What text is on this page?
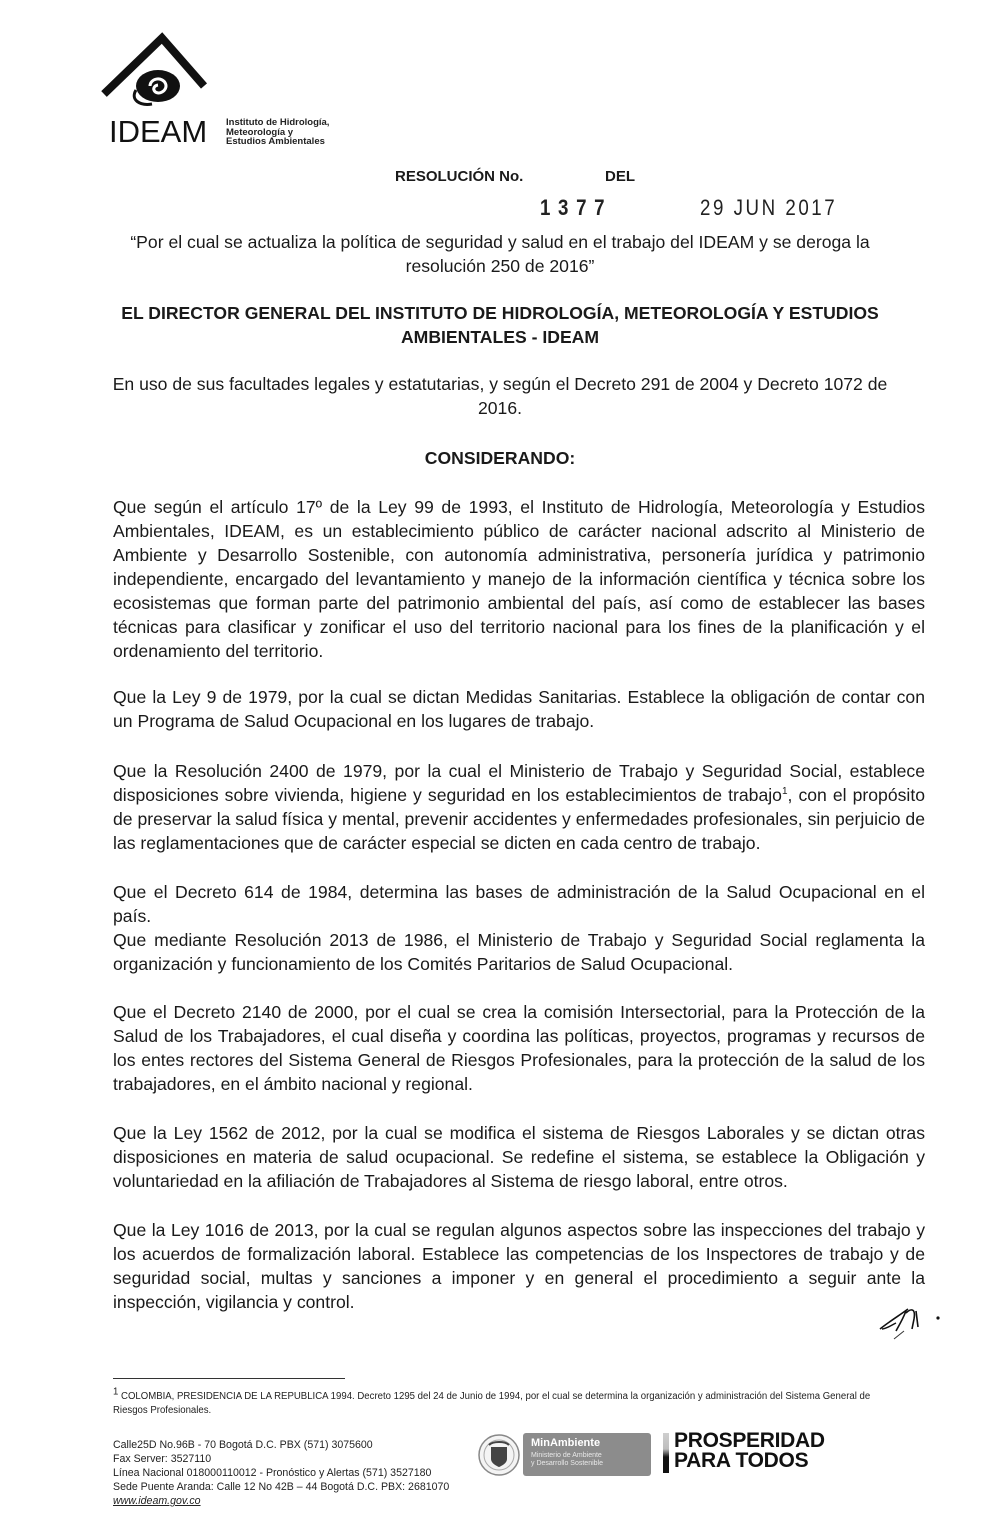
IDEAM Instituto de Hidrología,
Meteorología y
Estudios Ambientales
RESOLUCIÓN No.	DEL
1377	29 JUN 2017
“Por el cual se actualiza la política de seguridad y salud en el trabajo del IDEAM y se deroga la resolución 250 de 2016”
EL DIRECTOR GENERAL DEL INSTITUTO DE HIDROLOGÍA, METEOROLOGÍA Y ESTUDIOS AMBIENTALES - IDEAM
En uso de sus facultades legales y estatutarias, y según el Decreto 291 de 2004 y Decreto 1072 de 2016.
CONSIDERANDO:
Que según el artículo 17º de la Ley 99 de 1993, el Instituto de Hidrología, Meteorología y Estudios Ambientales, IDEAM, es un establecimiento público de carácter nacional adscrito al Ministerio de Ambiente y Desarrollo Sostenible, con autonomía administrativa, personería jurídica y patrimonio independiente, encargado del levantamiento y manejo de la información científica y técnica sobre los ecosistemas que forman parte del patrimonio ambiental del país, así como de establecer las bases técnicas para clasificar y zonificar el uso del territorio nacional para los fines de la planificación y el ordenamiento del territorio.
Que la Ley 9 de 1979, por la cual se dictan Medidas Sanitarias. Establece la obligación de contar con un Programa de Salud Ocupacional en los lugares de trabajo.
Que la Resolución 2400 de 1979, por la cual el Ministerio de Trabajo y Seguridad Social, establece disposiciones sobre vivienda, higiene y seguridad en los establecimientos de trabajo$^1$, con el propósito de preservar la salud física y mental, prevenir accidentes y enfermedades profesionales, sin perjuicio de las reglamentaciones que de carácter especial se dicten en cada centro de trabajo.
Que el Decreto 614 de 1984, determina las bases de administración de la Salud Ocupacional en el país.
Que mediante Resolución 2013 de 1986, el Ministerio de Trabajo y Seguridad Social reglamenta la organización y funcionamiento de los Comités Paritarios de Salud Ocupacional.
Que el Decreto 2140 de 2000, por el cual se crea la comisión Intersectorial, para la Protección de la Salud de los Trabajadores, el cual diseña y coordina las políticas, proyectos, programas y recursos de los entes rectores del Sistema General de Riesgos Profesionales, para la protección de la salud de los trabajadores, en el ámbito nacional y regional.
Que la Ley 1562 de 2012, por la cual se modifica el sistema de Riesgos Laborales y se dictan otras disposiciones en materia de salud ocupacional. Se redefine el sistema, se establece la Obligación y voluntariedad en la afiliación de Trabajadores al Sistema de riesgo laboral, entre otros.
Que la Ley 1016 de 2013, por la cual se regulan algunos aspectos sobre las inspecciones del trabajo y los acuerdos de formalización laboral. Establece las competencias de los Inspectores de trabajo y de seguridad social, multas y sanciones a imponer y en general el procedimiento a seguir ante la inspección, vigilancia y control.
$^1$ COLOMBIA, PRESIDENCIA DE LA REPUBLICA 1994. Decreto 1295 del 24 de Junio de 1994, por el cual se determina la organización y administración del Sistema General de Riesgos Profesionales.
Calle25D No.96B - 70 Bogotá D.C. PBX (571) 3075600
Fax Server: 3527110
Línea Nacional 018000110012 - Pronóstico y Alertas (571) 3527180
Sede Puente Aranda: Calle 12 No 42B – 44 Bogotá D.C. PBX: 2681070
www.ideam.gov.co
MinAmbiente
Ministerio de Ambiente
y Desarrollo Sostenible
PROSPERIDAD
PARA TODOS
